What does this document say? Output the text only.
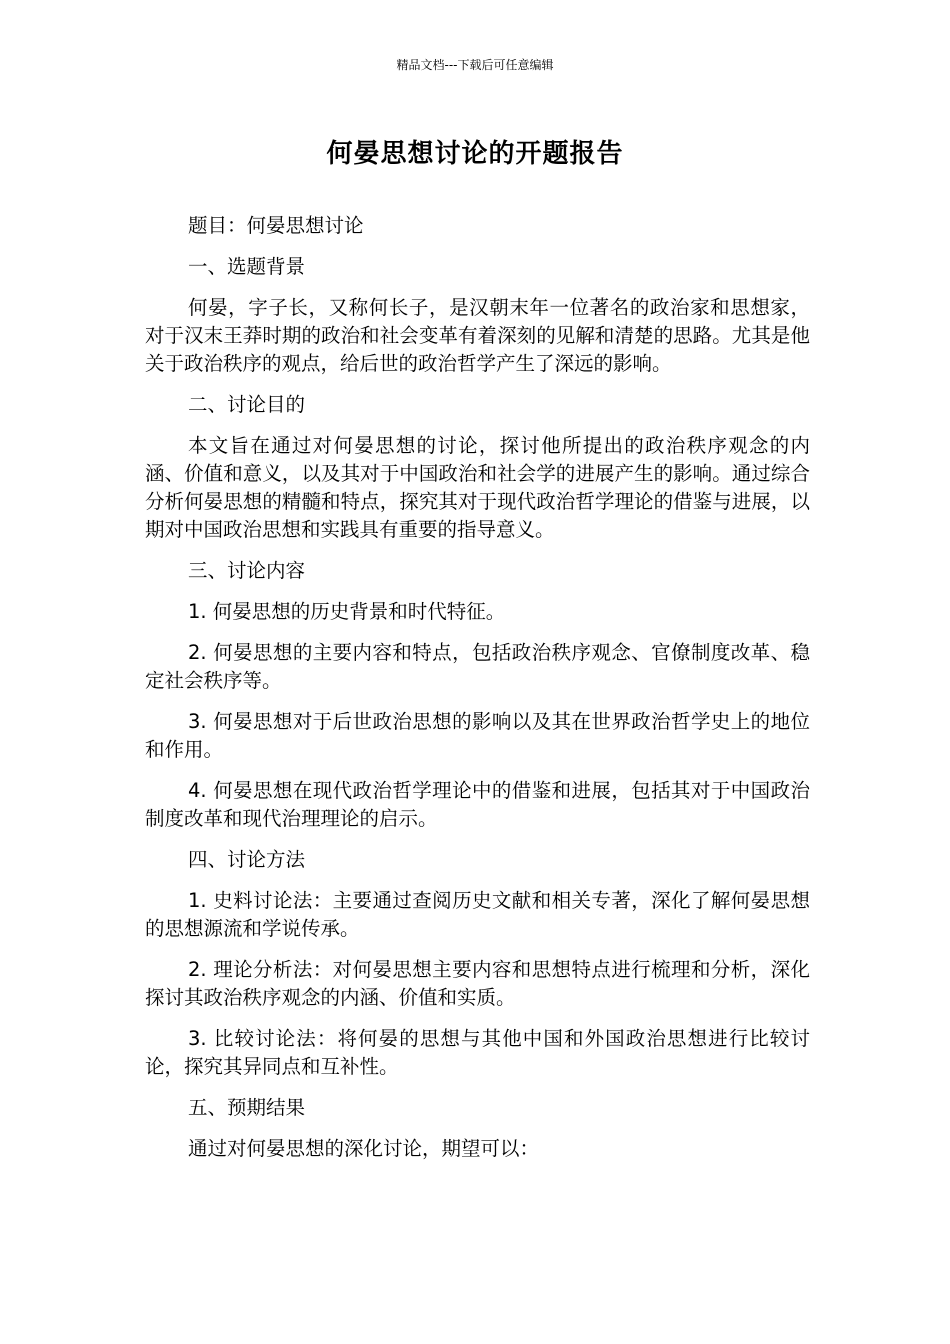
精品文档---下载后可任意编辑
何晏思想讨论的开题报告

题目：何晏思想讨论

一、选题背景

何晏，字子长，又称何长子，是汉朝末年一位著名的政治家和思想家，对于汉末王莽时期的政治和社会变革有着深刻的见解和清楚的思路。尤其是他关于政治秩序的观点，给后世的政治哲学产生了深远的影响。

二、讨论目的

本文旨在通过对何晏思想的讨论，探讨他所提出的政治秩序观念的内涵、价值和意义，以及其对于中国政治和社会学的进展产生的影响。通过综合分析何晏思想的精髓和特点，探究其对于现代政治哲学理论的借鉴与进展，以期对中国政治思想和实践具有重要的指导意义。

三、讨论内容

1. 何晏思想的历史背景和时代特征。

2. 何晏思想的主要内容和特点，包括政治秩序观念、官僚制度改革、稳定社会秩序等。

3. 何晏思想对于后世政治思想的影响以及其在世界政治哲学史上的地位和作用。

4. 何晏思想在现代政治哲学理论中的借鉴和进展，包括其对于中国政治制度改革和现代治理理论的启示。

四、讨论方法

1. 史料讨论法：主要通过查阅历史文献和相关专著，深化了解何晏思想的思想源流和学说传承。

2. 理论分析法：对何晏思想主要内容和思想特点进行梳理和分析，深化探讨其政治秩序观念的内涵、价值和实质。

3. 比较讨论法：将何晏的思想与其他中国和外国政治思想进行比较讨论，探究其异同点和互补性。

五、预期结果

通过对何晏思想的深化讨论，期望可以：
